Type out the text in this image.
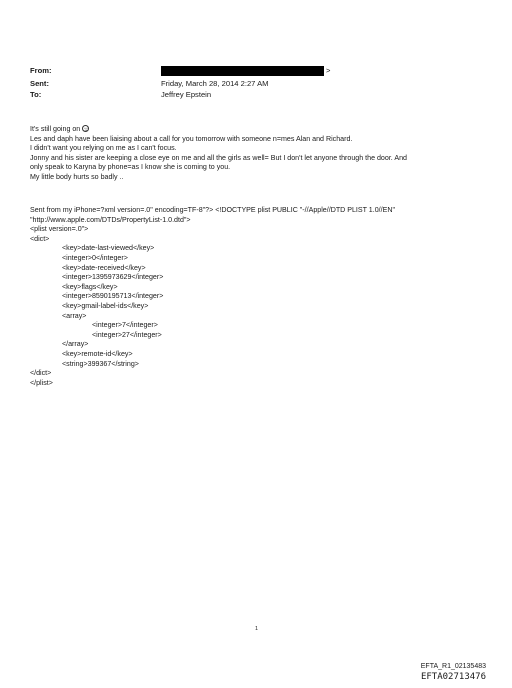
From:	>
Sent:	Friday, March 28, 2014 2:27 AM
To:	Jeffrey Epstein
It's still going on
Les and daph have been liaising about a call for you tomorrow with someone n=mes Alan and Richard.
I didn't want you relying on me as I can't focus.
Jonny and his sister are keeping a close eye on me and all the girls as well= But I don't let anyone through the door. And
only speak to Karyna by phone=as I know she is coming to you.
My little body hurts so badly ..
Sent from my iPhone=?xml version=.0" encoding=TF-8"?> <!DOCTYPE plist PUBLIC "-//Apple//DTD PLIST 1.0//EN"
"http://www.apple.com/DTDs/PropertyList-1.0.dtd">
<plist version=.0">
<dict>
<key>date-last-viewed</key>
<integer>0</integer>
<key>date-received</key>
<integer>1395973629</integer>
<key>flags</key>
<integer>8590195713</integer>
<key>gmail-label-ids</key>
<array>
<integer>7</integer>
<integer>27</integer>
</array>
<key>remote-id</key>
<string>399367</string>
</dict>
</plist>
1
EFTA_R1_02135483
EFTA02713476
